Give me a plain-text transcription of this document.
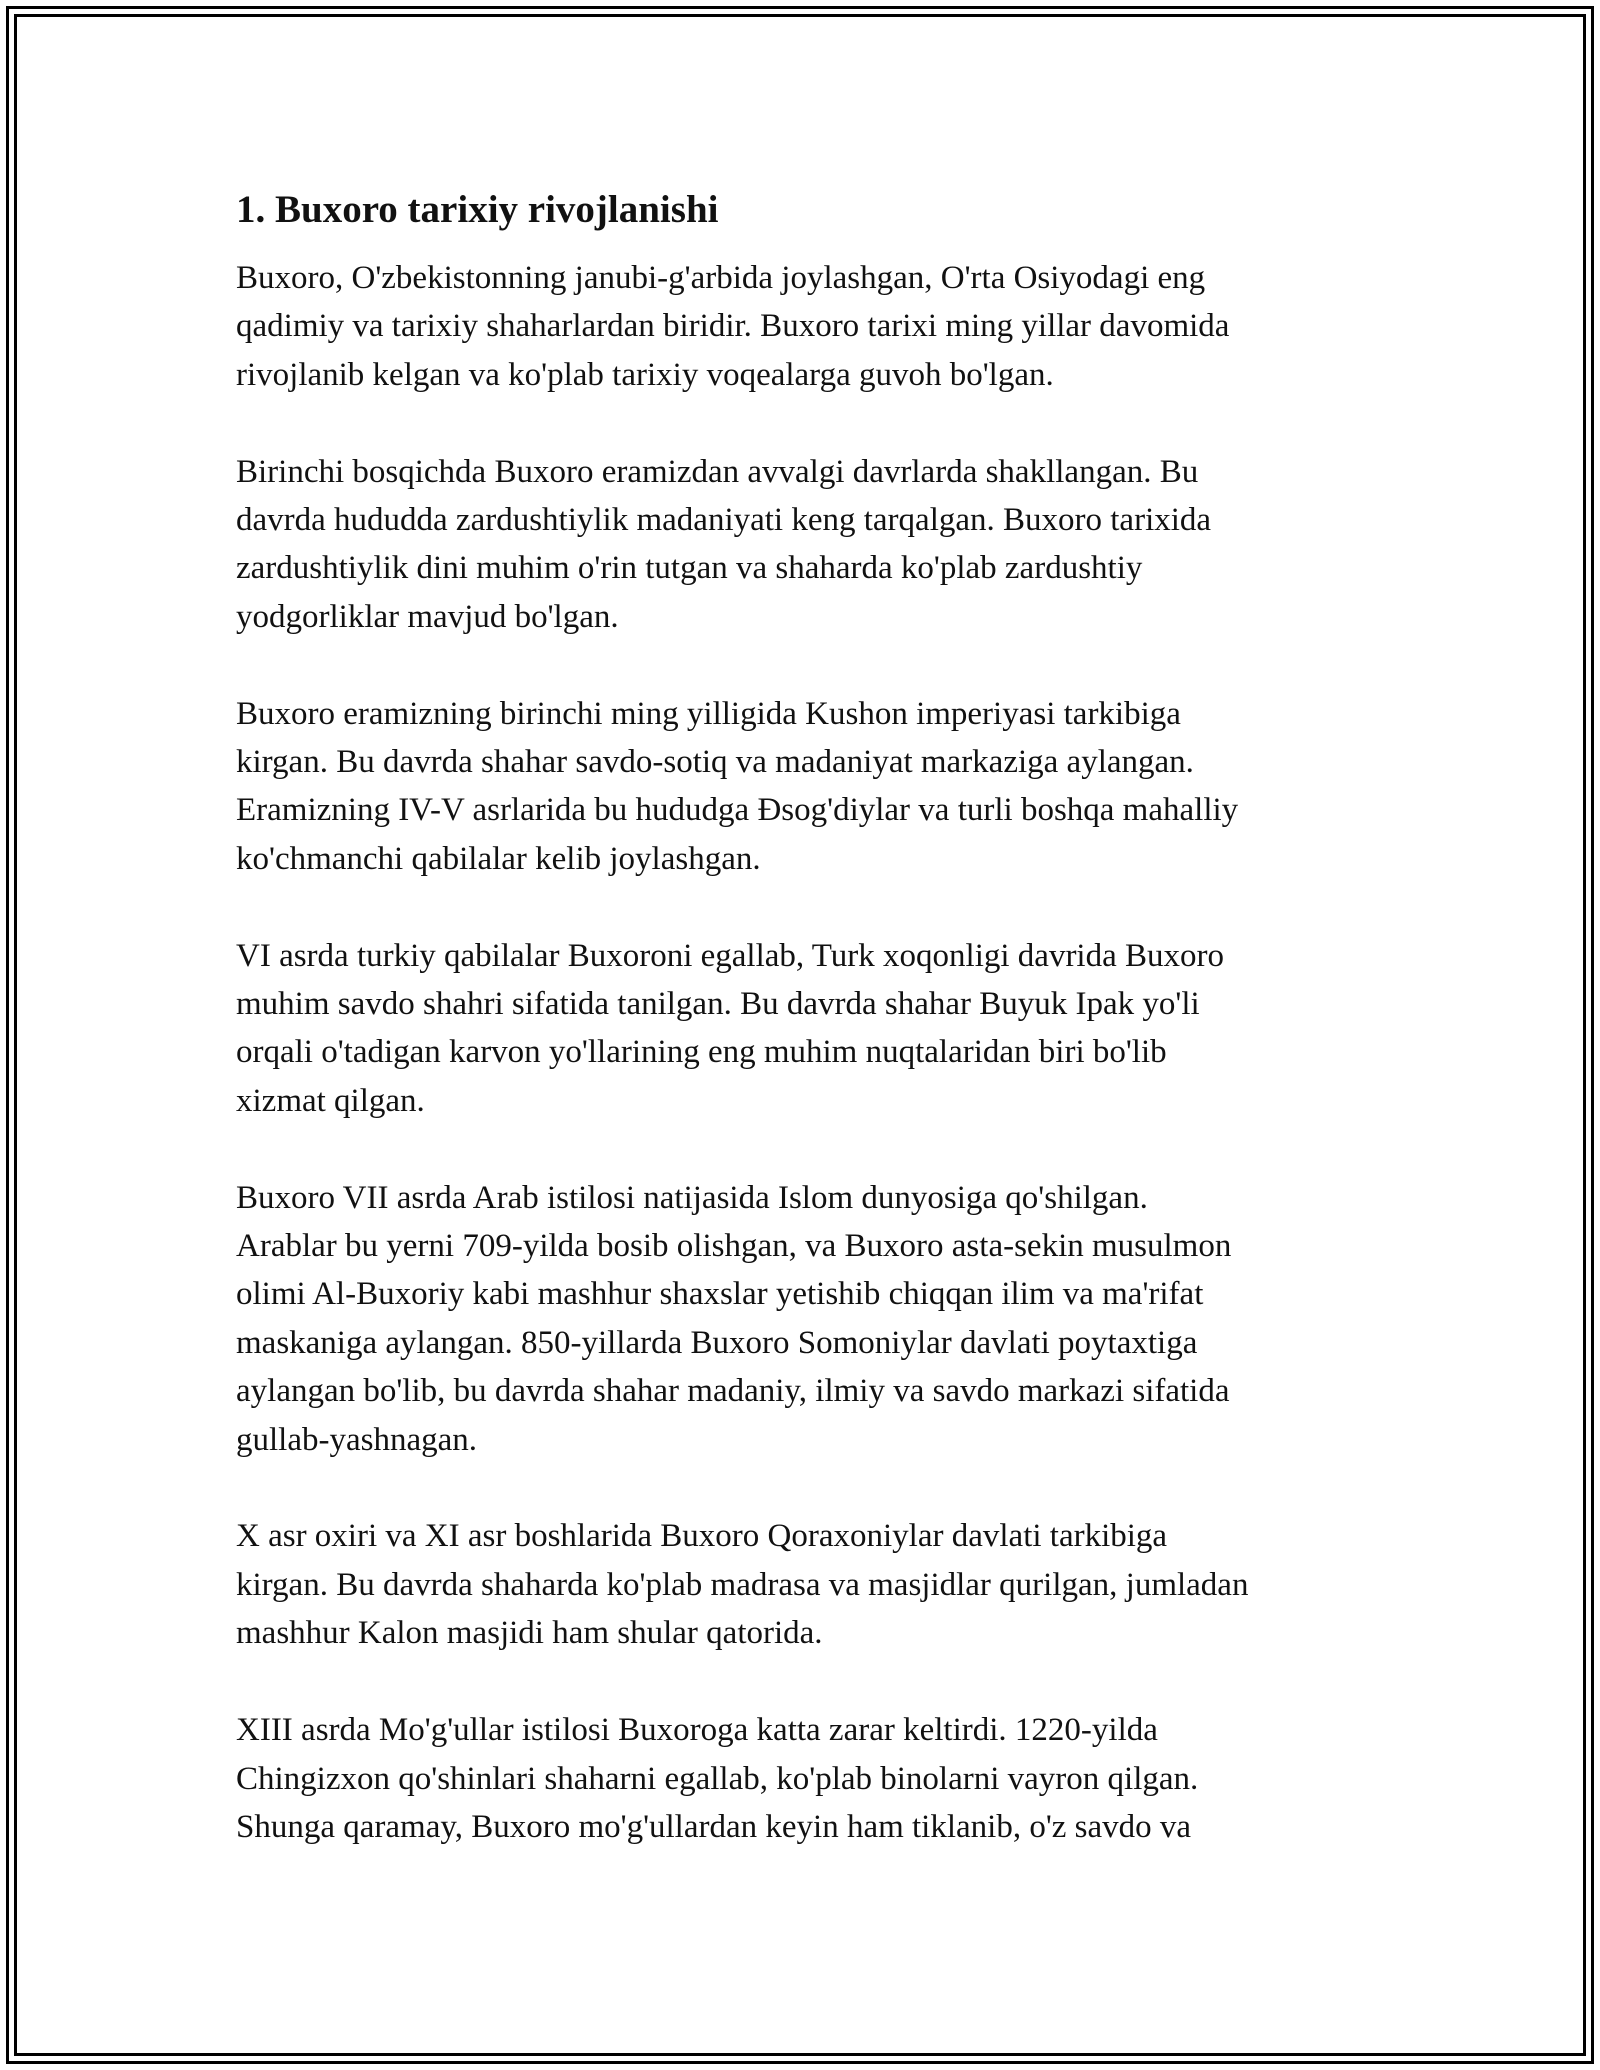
1. Buxoro tarixiy rivojlanishi

Buxoro, O'zbekistonning janubi-g'arbida joylashgan, O'rta Osiyodagi eng
qadimiy va tarixiy shaharlardan biridir. Buxoro tarixi ming yillar davomida
rivojlanib kelgan va ko'plab tarixiy voqealarga guvoh bo'lgan.

Birinchi bosqichda Buxoro eramizdan avvalgi davrlarda shakllangan. Bu
davrda hududda zardushtiylik madaniyati keng tarqalgan. Buxoro tarixida
zardushtiylik dini muhim o'rin tutgan va shaharda ko'plab zardushtiy
yodgorliklar mavjud bo'lgan.

Buxoro eramizning birinchi ming yilligida Kushon imperiyasi tarkibiga
kirgan. Bu davrda shahar savdo-sotiq va madaniyat markaziga aylangan.
Eramizning IV-V asrlarida bu hududga Đsog'diylar va turli boshqa mahalliy
ko'chmanchi qabilalar kelib joylashgan.

VI asrda turkiy qabilalar Buxoroni egallab, Turk xoqonligi davrida Buxoro
muhim savdo shahri sifatida tanilgan. Bu davrda shahar Buyuk Ipak yo'li
orqali o'tadigan karvon yo'llarining eng muhim nuqtalaridan biri bo'lib
xizmat qilgan.

Buxoro VII asrda Arab istilosi natijasida Islom dunyosiga qo'shilgan.
Arablar bu yerni 709-yilda bosib olishgan, va Buxoro asta-sekin musulmon
olimi Al-Buxoriy kabi mashhur shaxslar yetishib chiqqan ilim va ma'rifat
maskaniga aylangan. 850-yillarda Buxoro Somoniylar davlati poytaxtiga
aylangan bo'lib, bu davrda shahar madaniy, ilmiy va savdo markazi sifatida
gullab-yashnagan.

X asr oxiri va XI asr boshlarida Buxoro Qoraxoniylar davlati tarkibiga
kirgan. Bu davrda shaharda ko'plab madrasa va masjidlar qurilgan, jumladan
mashhur Kalon masjidi ham shular qatorida.

XIII asrda Mo'g'ullar istilosi Buxoroga katta zarar keltirdi. 1220-yilda
Chingizxon qo'shinlari shaharni egallab, ko'plab binolarni vayron qilgan.
Shunga qaramay, Buxoro mo'g'ullardan keyin ham tiklanib, o'z savdo va
